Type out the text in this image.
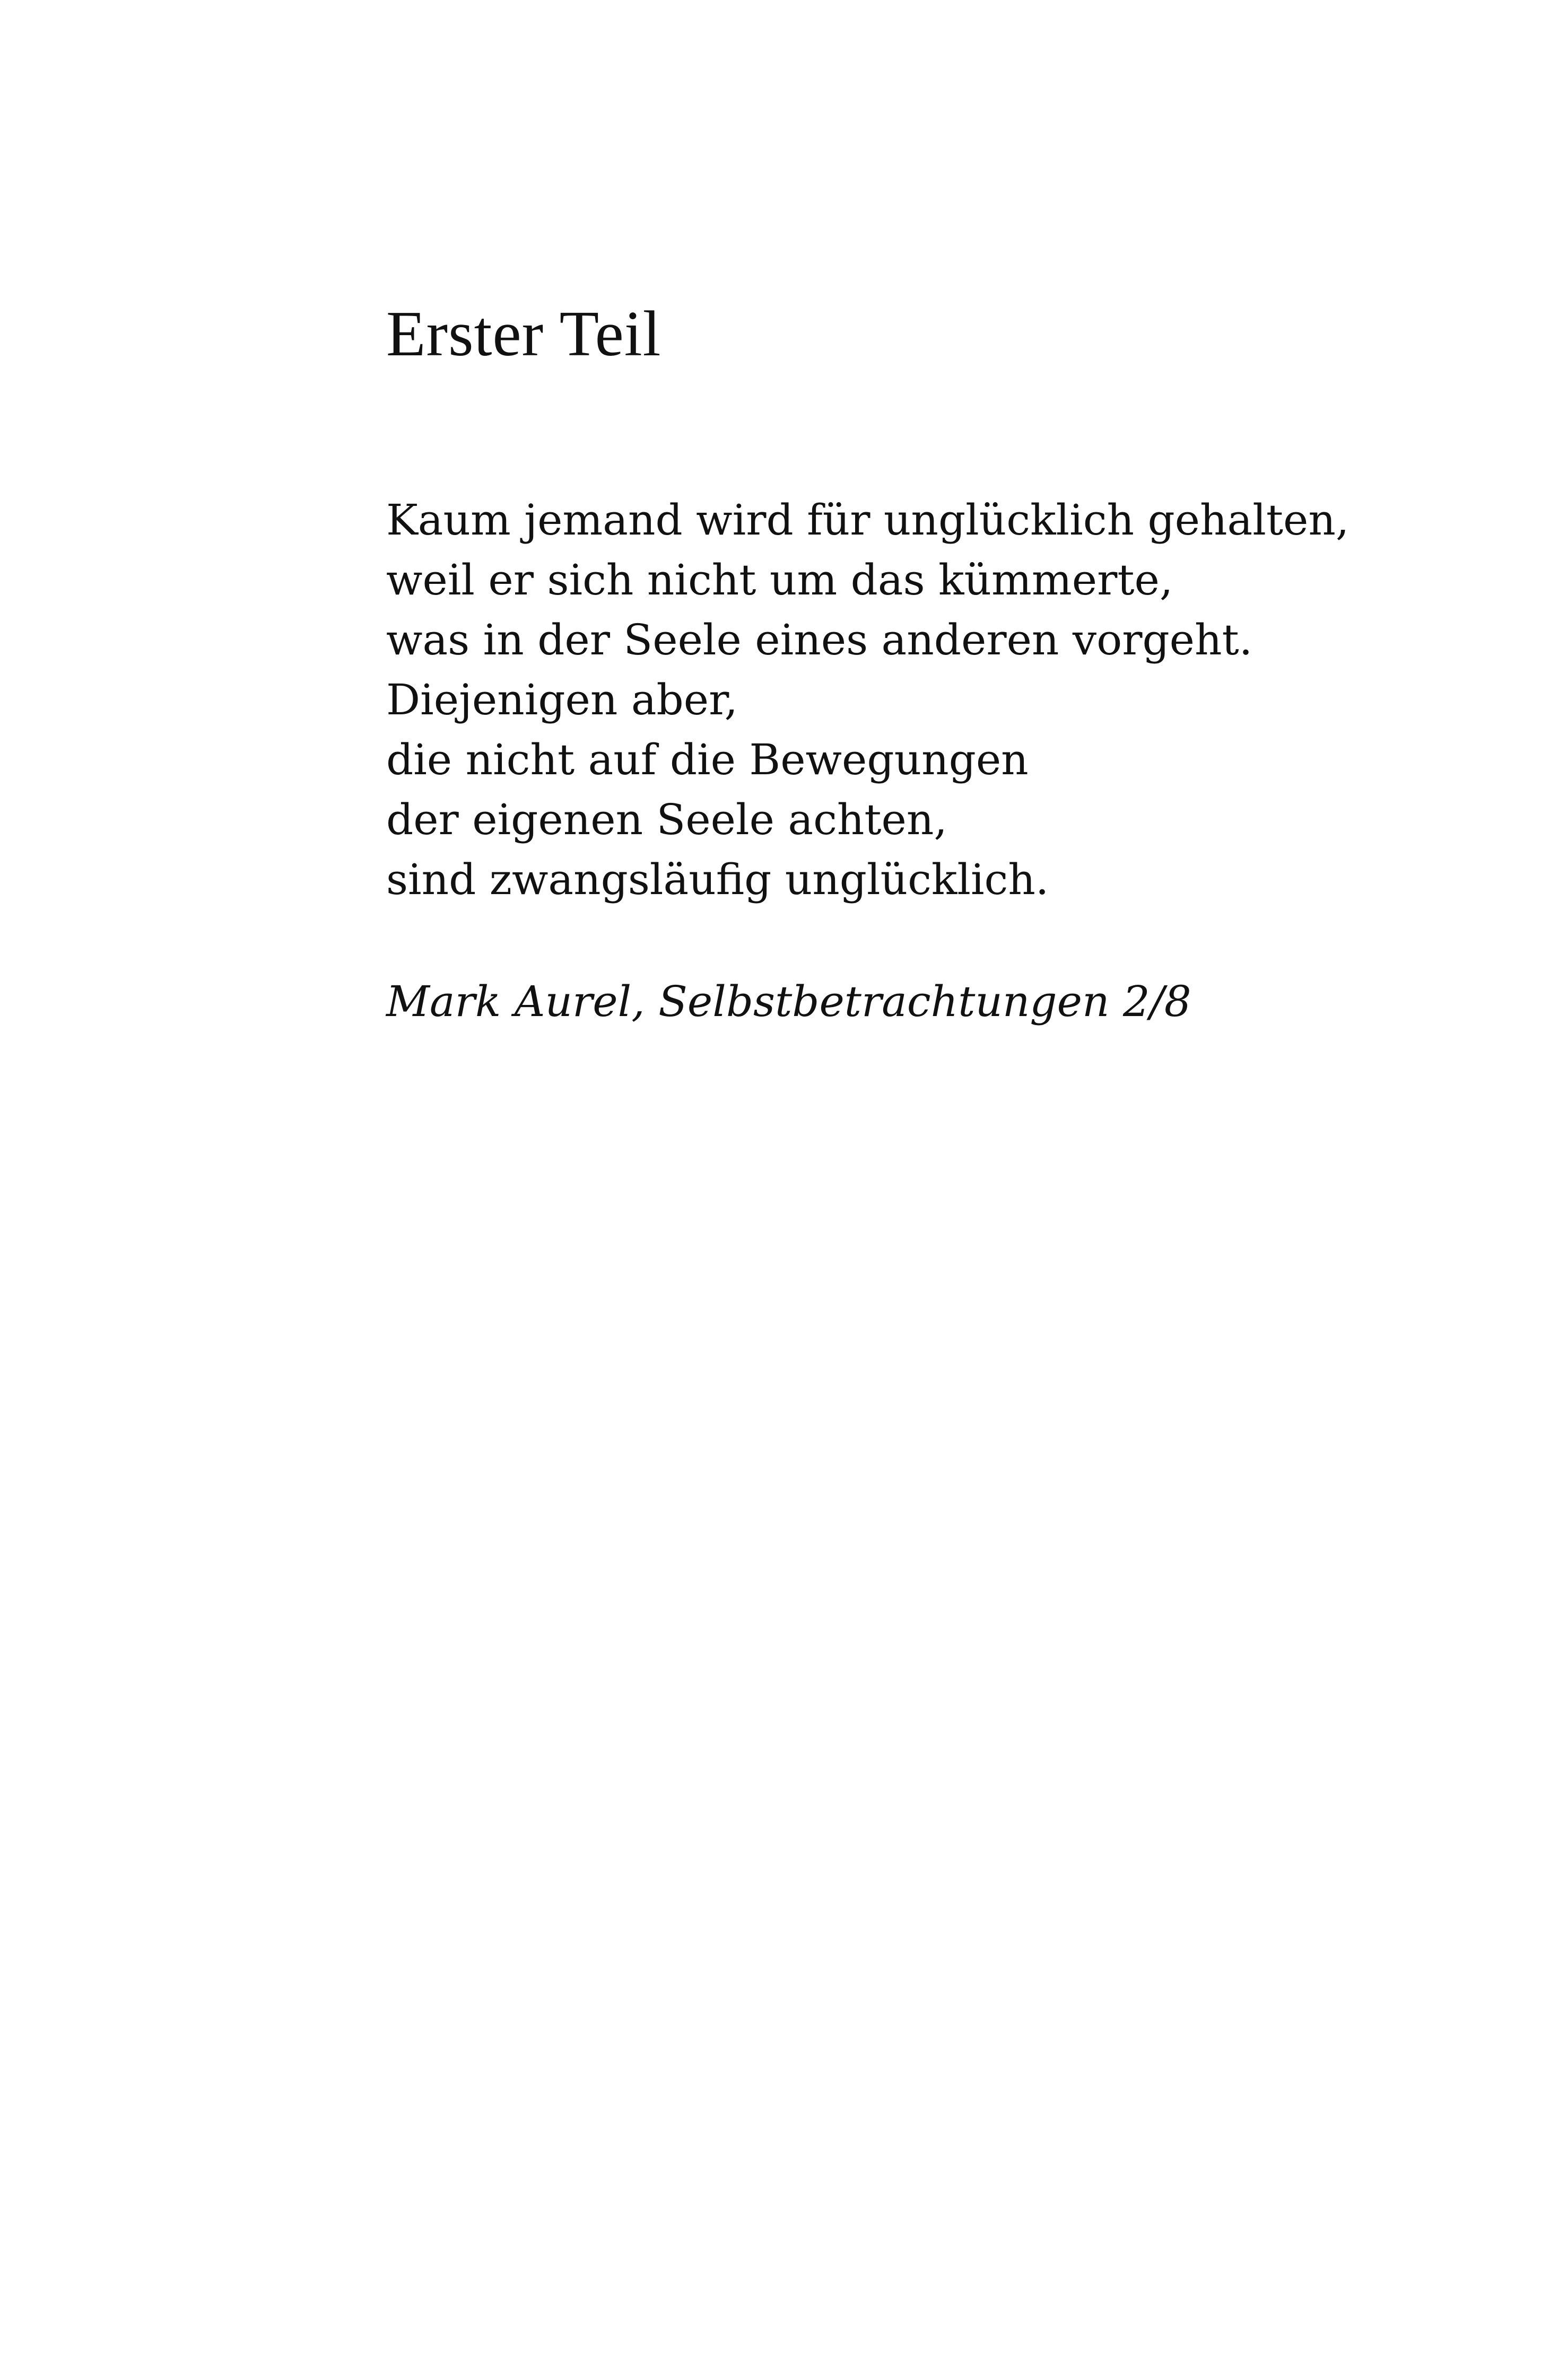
Erster Teil
Kaum jemand wird für unglücklich gehalten,
weil er sich nicht um das kümmerte,
was in der Seele eines anderen vorgeht.
Diejenigen aber,
die nicht auf die Bewegungen
der eigenen Seele achten,
sind zwangsläufig unglücklich.

Mark Aurel, Selbstbetrachtungen 2/8
